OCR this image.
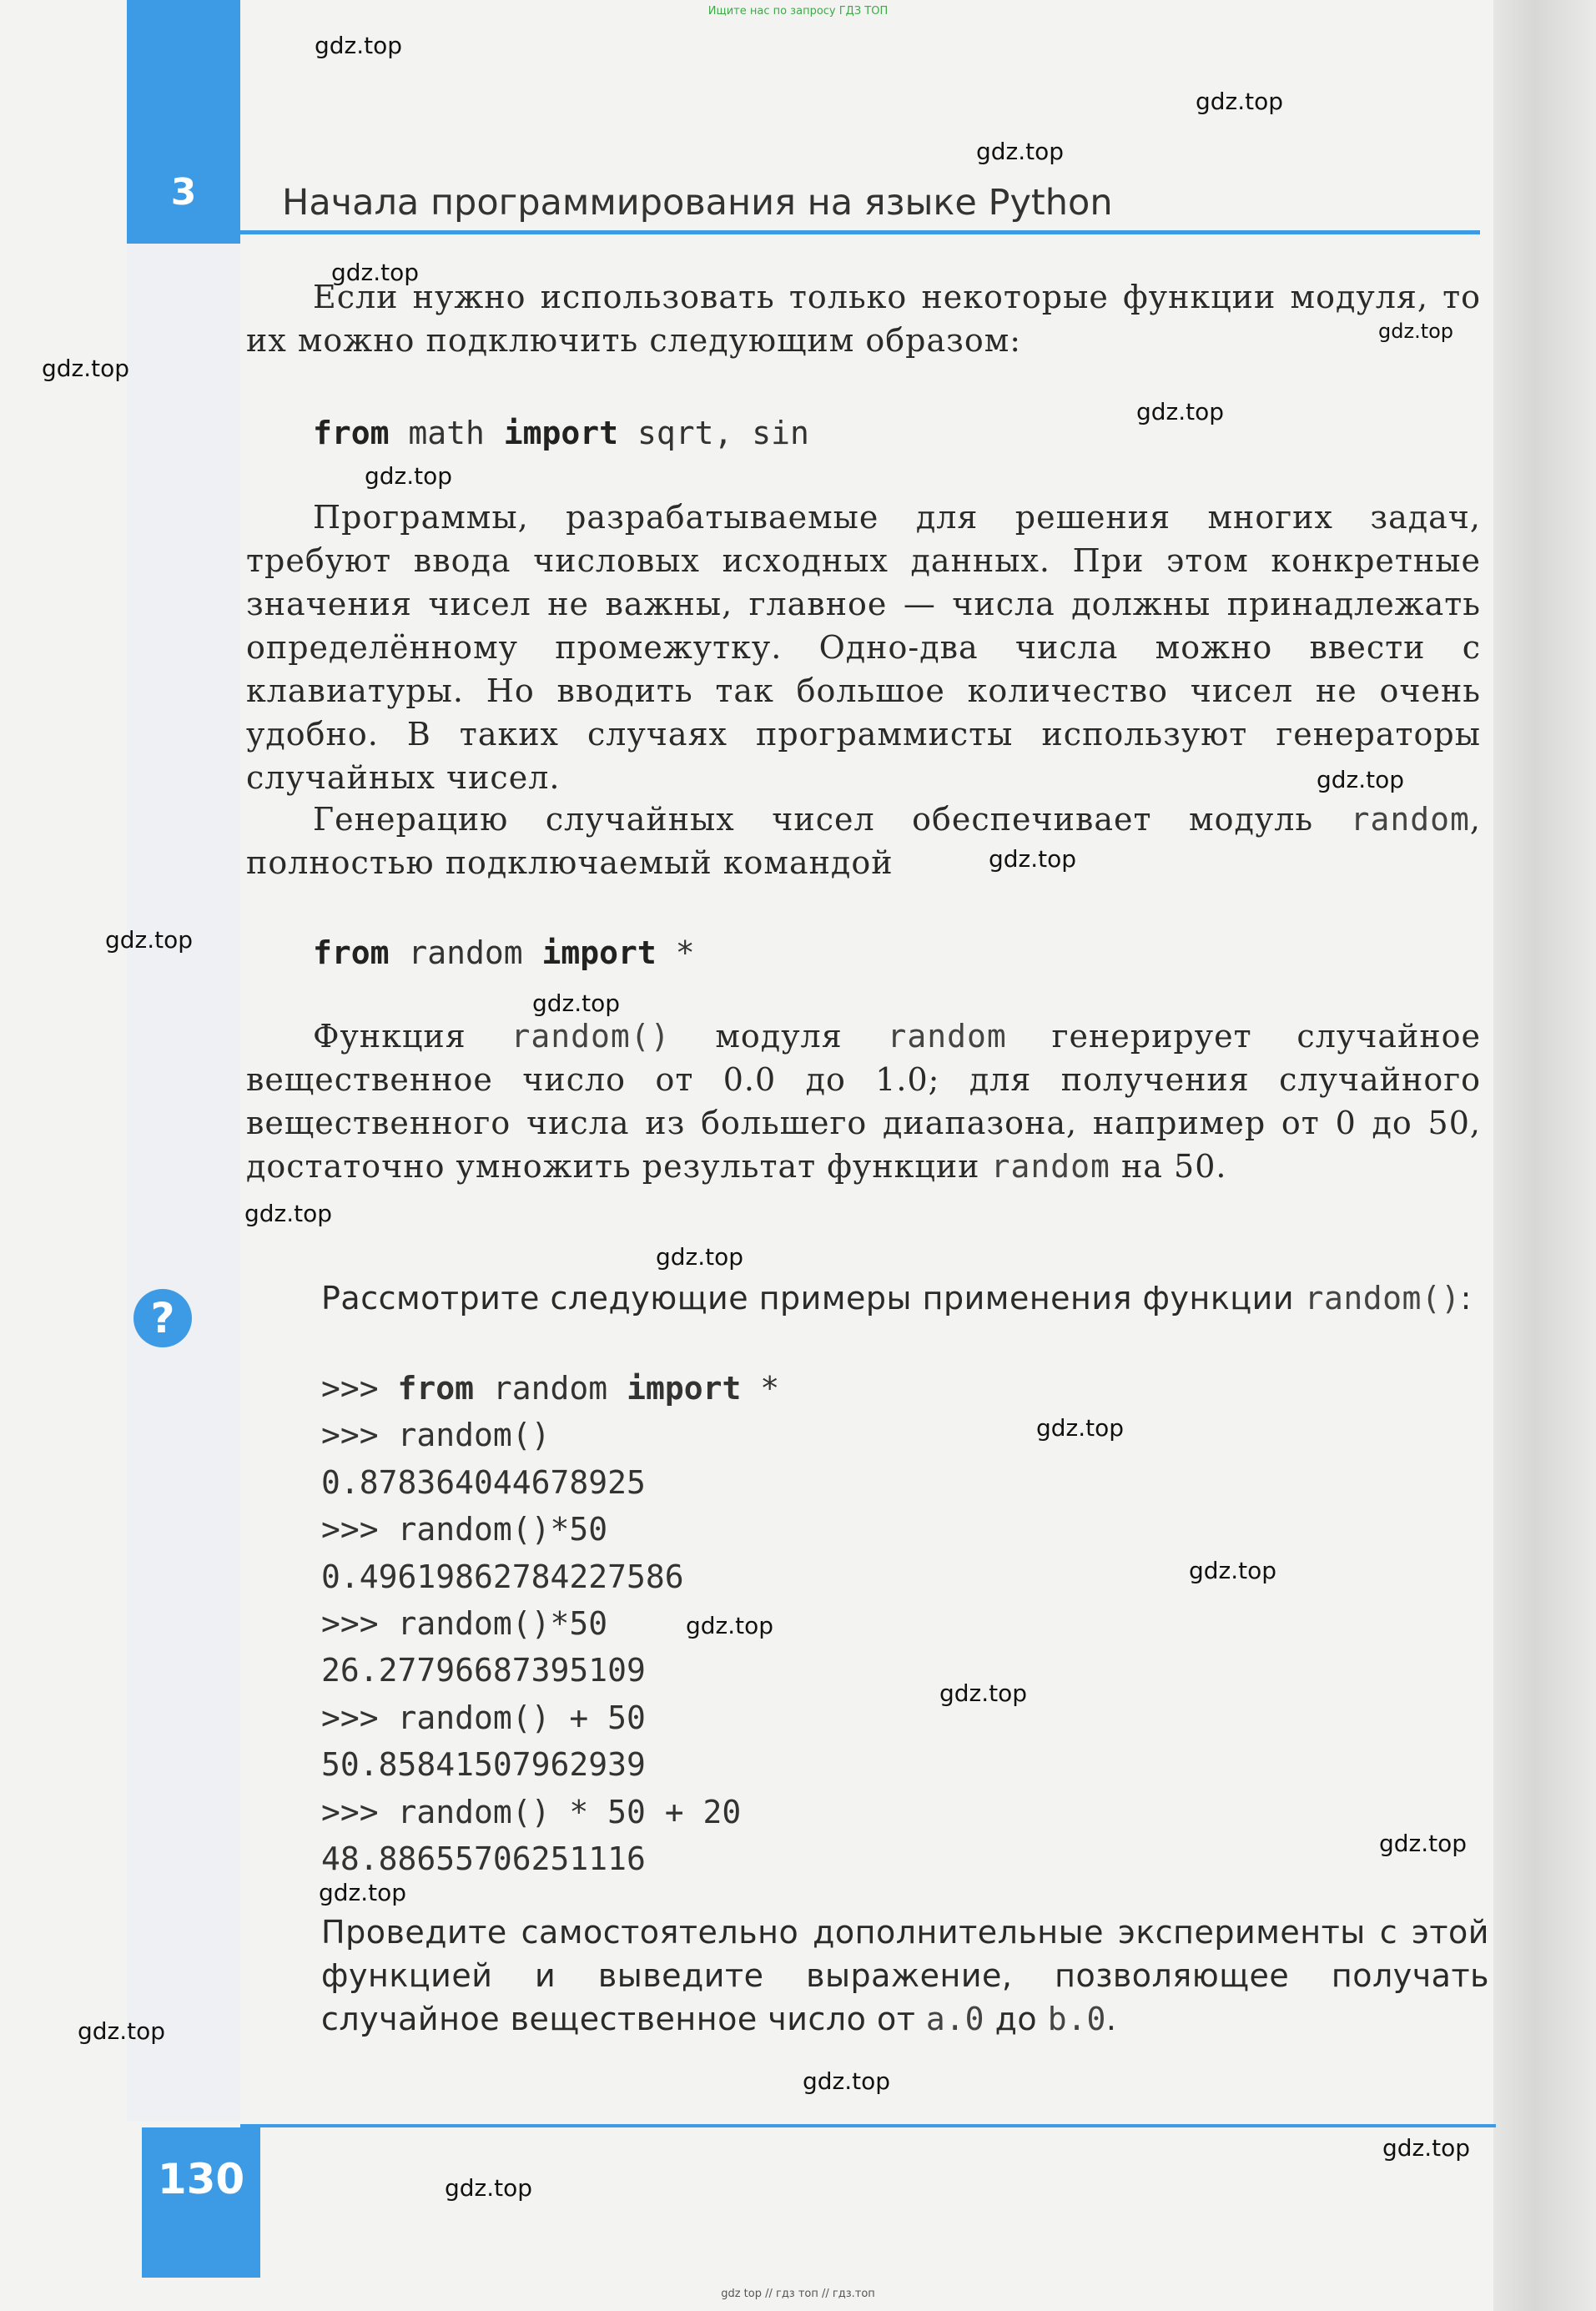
Ищите нас по запросу ГДЗ ТОП
3	Начала программирования на языке Python

Если нужно использовать только некоторые функции модуля, то их можно подключить следующим образом:

from math import sqrt, sin

Программы, разрабатываемые для решения многих задач, требуют ввода числовых исходных данных. При этом конкретные значения чисел не важны, главное — числа должны принадлежать определённому промежутку. Одно-два числа можно ввести с клавиатуры. Но вводить так большое количество чисел не очень удобно. В таких случаях программисты используют генераторы случайных чисел.

Генерацию случайных чисел обеспечивает модуль random, полностью подключаемый командой

from random import *

Функция random() модуля random генерирует случайное вещественное число от 0.0 до 1.0; для получения случайного вещественного числа из большего диапазона, например от 0 до 50, достаточно умножить результат функции random на 50.

?	Рассмотрите следующие примеры применения функции random():

>>> from random import *
>>> random()
0.878364044678925
>>> random()*50
0.49619862784227586
>>> random()*50
26.27796687395109
>>> random() + 50
50.85841507962939
>>> random() * 50 + 20
48.88655706251116

Проведите самостоятельно дополнительные эксперименты с этой функцией и выведите выражение, позволяющее получать случайное вещественное число от a.0 до b.0.

130
gdz top // гдз топ // гдз.топ
gdz.top
gdz.top
gdz.top
gdz.top
gdz.top
gdz.top
gdz.top
gdz.top
gdz.top
gdz.top
gdz.top
gdz.top
gdz.top
gdz.top
gdz.top
gdz.top
gdz.top
gdz.top
gdz.top
gdz.top
gdz.top
gdz.top
gdz.top
gdz.top
